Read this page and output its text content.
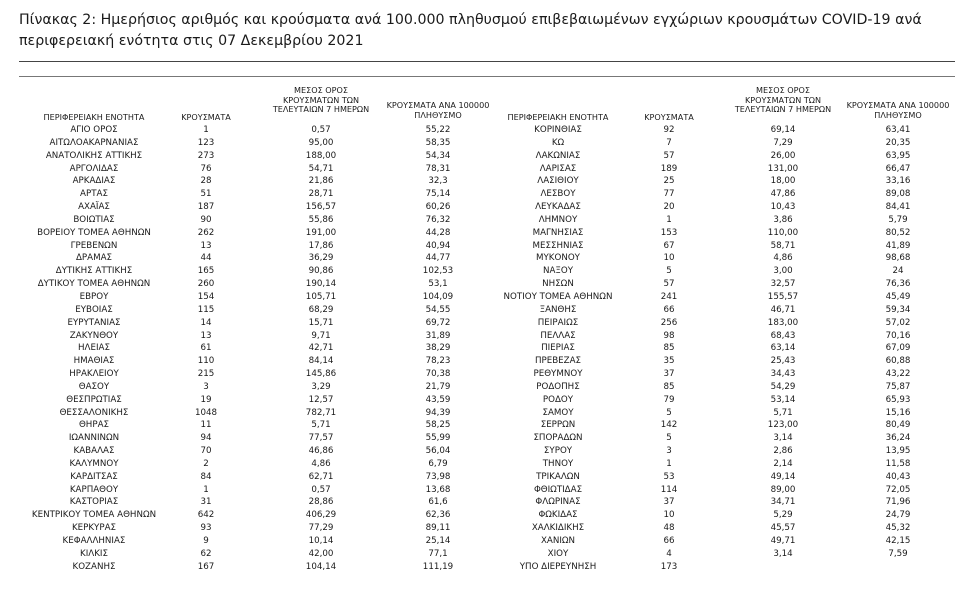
Πίνακας 2: Ημερήσιος αριθμός και κρούσματα ανά 100.000 πληθυσμού επιβεβαιωμένων εγχώριων κρουσμάτων COVID-19 ανά περιφερειακή ενότητα στις 07 Δεκεμβρίου 2021
ΠΕΡΙΦΕΡΕΙΑΚΗ ΕΝΟΤΗΤΑ	ΚΡΟΥΣΜΑΤΑ
ΜΕΣΟΣ ΟΡΟΣ
ΚΡΟΥΣΜΑΤΩΝ ΤΩΝ
ΤΕΛΕΥΤΑΙΩΝ 7 ΗΜΕΡΩΝ	ΚΡΟΥΣΜΑΤΑ ΑΝΑ 100000
ΠΛΗΘΥΣΜΟ	ΠΕΡΙΦΕΡΕΙΑΚΗ ΕΝΟΤΗΤΑ	ΚΡΟΥΣΜΑΤΑ
ΜΕΣΟΣ ΟΡΟΣ
ΚΡΟΥΣΜΑΤΩΝ ΤΩΝ
ΤΕΛΕΥΤΑΙΩΝ 7 ΗΜΕΡΩΝ	ΚΡΟΥΣΜΑΤΑ ΑΝΑ 100000
ΠΛΗΘΥΣΜΟ
ΑΓΙΟ ΟΡΟΣ	1	0,57	55,22	ΚΟΡΙΝΘΙΑΣ	92	69,14	63,41
ΑΙΤΩΛΟΑΚΑΡΝΑΝΙΑΣ	123	95,00	58,35	ΚΩ	7	7,29	20,35
ΑΝΑΤΟΛΙΚΗΣ ΑΤΤΙΚΗΣ	273	188,00	54,34	ΛΑΚΩΝΙΑΣ	57	26,00	63,95
ΑΡΓΟΛΙΔΑΣ	76	54,71	78,31	ΛΑΡΙΣΑΣ	189	131,00	66,47
ΑΡΚΑΔΙΑΣ	28	21,86	32,3	ΛΑΣΙΘΙΟΥ	25	18,00	33,16
ΑΡΤΑΣ	51	28,71	75,14	ΛΕΣΒΟΥ	77	47,86	89,08
ΑΧΑΪΑΣ	187	156,57	60,26	ΛΕΥΚΑΔΑΣ	20	10,43	84,41
ΒΟΙΩΤΙΑΣ	90	55,86	76,32	ΛΗΜΝΟΥ	1	3,86	5,79
ΒΟΡΕΙΟΥ ΤΟΜΕΑ ΑΘΗΝΩΝ	262	191,00	44,28	ΜΑΓΝΗΣΙΑΣ	153	110,00	80,52
ΓΡΕΒΕΝΩΝ	13	17,86	40,94	ΜΕΣΣΗΝΙΑΣ	67	58,71	41,89
ΔΡΑΜΑΣ	44	36,29	44,77	ΜΥΚΟΝΟΥ	10	4,86	98,68
ΔΥΤΙΚΗΣ ΑΤΤΙΚΗΣ	165	90,86	102,53	ΝΑΞΟΥ	5	3,00	24
ΔΥΤΙΚΟΥ ΤΟΜΕΑ ΑΘΗΝΩΝ	260	190,14	53,1	ΝΗΣΩΝ	57	32,57	76,36
ΕΒΡΟΥ	154	105,71	104,09	ΝΟΤΙΟΥ ΤΟΜΕΑ ΑΘΗΝΩΝ	241	155,57	45,49
ΕΥΒΟΙΑΣ	115	68,29	54,55	ΞΑΝΘΗΣ	66	46,71	59,34
ΕΥΡΥΤΑΝΙΑΣ	14	15,71	69,72	ΠΕΙΡΑΙΩΣ	256	183,00	57,02
ΖΑΚΥΝΘΟΥ	13	9,71	31,89	ΠΕΛΛΑΣ	98	68,43	70,16
ΗΛΕΙΑΣ	61	42,71	38,29	ΠΙΕΡΙΑΣ	85	63,14	67,09
ΗΜΑΘΙΑΣ	110	84,14	78,23	ΠΡΕΒΕΖΑΣ	35	25,43	60,88
ΗΡΑΚΛΕΙΟΥ	215	145,86	70,38	ΡΕΘΥΜΝΟΥ	37	34,43	43,22
ΘΑΣΟΥ	3	3,29	21,79	ΡΟΔΟΠΗΣ	85	54,29	75,87
ΘΕΣΠΡΩΤΙΑΣ	19	12,57	43,59	ΡΟΔΟΥ	79	53,14	65,93
ΘΕΣΣΑΛΟΝΙΚΗΣ	1048	782,71	94,39	ΣΑΜΟΥ	5	5,71	15,16
ΘΗΡΑΣ	11	5,71	58,25	ΣΕΡΡΩΝ	142	123,00	80,49
ΙΩΑΝΝΙΝΩΝ	94	77,57	55,99	ΣΠΟΡΑΔΩΝ	5	3,14	36,24
ΚΑΒΑΛΑΣ	70	46,86	56,04	ΣΥΡΟΥ	3	2,86	13,95
ΚΑΛΥΜΝΟΥ	2	4,86	6,79	ΤΗΝΟΥ	1	2,14	11,58
ΚΑΡΔΙΤΣΑΣ	84	62,71	73,98	ΤΡΙΚΑΛΩΝ	53	49,14	40,43
ΚΑΡΠΑΘΟΥ	1	0,57	13,68	ΦΘΙΩΤΙΔΑΣ	114	89,00	72,05
ΚΑΣΤΟΡΙΑΣ	31	28,86	61,6	ΦΛΩΡΙΝΑΣ	37	34,71	71,96
ΚΕΝΤΡΙΚΟΥ ΤΟΜΕΑ ΑΘΗΝΩΝ	642	406,29	62,36	ΦΩΚΙΔΑΣ	10	5,29	24,79
ΚΕΡΚΥΡΑΣ	93	77,29	89,11	ΧΑΛΚΙΔΙΚΗΣ	48	45,57	45,32
ΚΕΦΑΛΛΗΝΙΑΣ	9	10,14	25,14	ΧΑΝΙΩΝ	66	49,71	42,15
ΚΙΛΚΙΣ	62	42,00	77,1	ΧΙΟΥ	4	3,14	7,59
ΚΟΖΑΝΗΣ	167	104,14	111,19	ΥΠΟ ΔΙΕΡΕΥΝΗΣΗ	173
